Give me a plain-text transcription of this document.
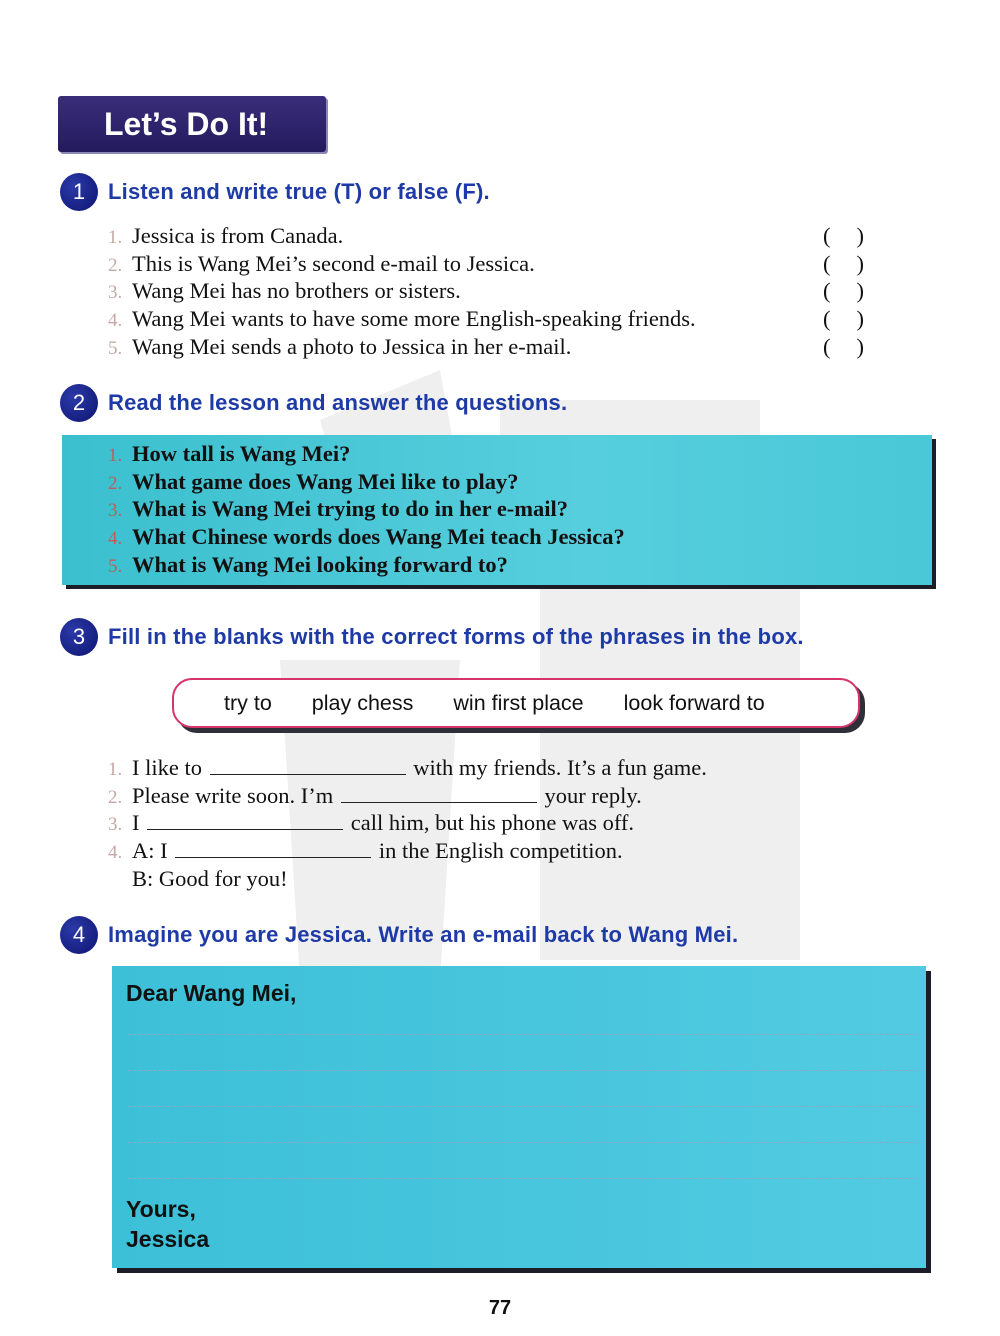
Let’s Do It!
1	Listen and write true (T) or false (F).
1. Jessica is from Canada.	( )
2. This is Wang Mei’s second e-mail to Jessica.	( )
3. Wang Mei has no brothers or sisters.	( )
4. Wang Mei wants to have some more English-speaking friends.	( )
5. Wang Mei sends a photo to Jessica in her e-mail.	( )
2	Read the lesson and answer the questions.
1. How tall is Wang Mei?
2. What game does Wang Mei like to play?
3. What is Wang Mei trying to do in her e-mail?
4. What Chinese words does Wang Mei teach Jessica?
5. What is Wang Mei looking forward to?
3	Fill in the blanks with the correct forms of the phrases in the box.
try to play chess win first place look forward to
1. I like to	with my friends. It’s a fun game.
2. Please write soon. I’m	your reply.
3. I	call him, but his phone was off.
4. A: I	in the English competition.
B: Good for you!
4	Imagine you are Jessica. Write an e-mail back to Wang Mei.
Dear Wang Mei,
Yours,
Jessica
77
